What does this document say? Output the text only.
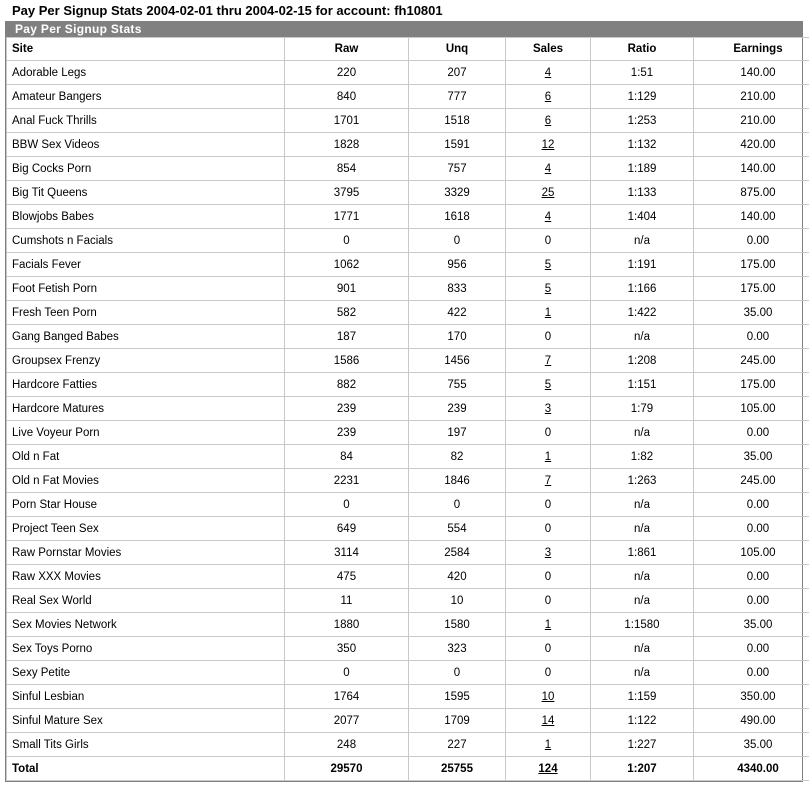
Pay Per Signup Stats 2004-02-01 thru 2004-02-15 for account: fh10801
Pay Per Signup Stats
Site	Raw	Unq	Sales	Ratio	Earnings
Adorable Legs	220	207	4	1:51	140.00
Amateur Bangers	840	777	6	1:129	210.00
Anal Fuck Thrills	1701	1518	6	1:253	210.00
BBW Sex Videos	1828	1591	12	1:132	420.00
Big Cocks Porn	854	757	4	1:189	140.00
Big Tit Queens	3795	3329	25	1:133	875.00
Blowjobs Babes	1771	1618	4	1:404	140.00
Cumshots n Facials	0	0	0	n/a	0.00
Facials Fever	1062	956	5	1:191	175.00
Foot Fetish Porn	901	833	5	1:166	175.00
Fresh Teen Porn	582	422	1	1:422	35.00
Gang Banged Babes	187	170	0	n/a	0.00
Groupsex Frenzy	1586	1456	7	1:208	245.00
Hardcore Fatties	882	755	5	1:151	175.00
Hardcore Matures	239	239	3	1:79	105.00
Live Voyeur Porn	239	197	0	n/a	0.00
Old n Fat	84	82	1	1:82	35.00
Old n Fat Movies	2231	1846	7	1:263	245.00
Porn Star House	0	0	0	n/a	0.00
Project Teen Sex	649	554	0	n/a	0.00
Raw Pornstar Movies	3114	2584	3	1:861	105.00
Raw XXX Movies	475	420	0	n/a	0.00
Real Sex World	11	10	0	n/a	0.00
Sex Movies Network	1880	1580	1	1:1580	35.00
Sex Toys Porno	350	323	0	n/a	0.00
Sexy Petite	0	0	0	n/a	0.00
Sinful Lesbian	1764	1595	10	1:159	350.00
Sinful Mature Sex	2077	1709	14	1:122	490.00
Small Tits Girls	248	227	1	1:227	35.00
Total	29570	25755	124	1:207	4340.00
